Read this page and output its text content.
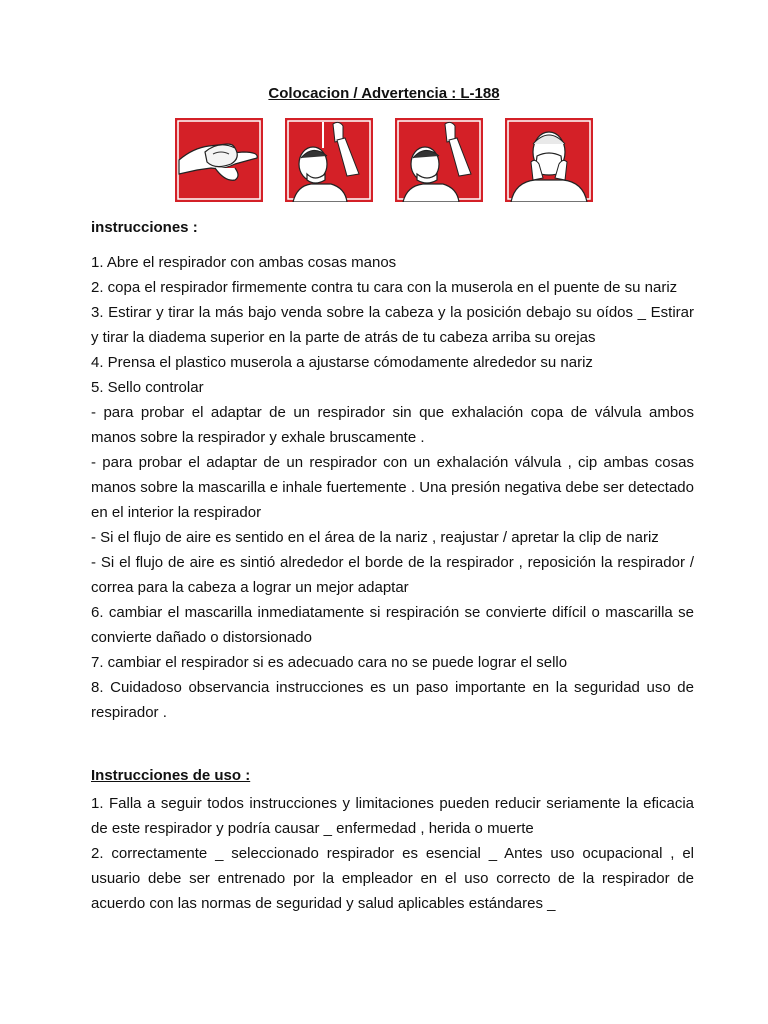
Colocacion / Advertencia : L-188
instrucciones :

1. Abre el respirador con ambas cosas manos

2. copa el respirador firmemente contra tu cara con la muserola en el puente de su nariz

3. Estirar y tirar la más bajo venda sobre la cabeza y la posición debajo su oídos _ Estirar y tirar la diadema superior en la parte de atrás de tu cabeza arriba su orejas

4. Prensa el plastico muserola a ajustarse cómodamente alrededor su nariz

5. Sello controlar

- para probar el adaptar de un respirador sin que exhalación copa de válvula ambos manos sobre la respirador y exhale bruscamente .

- para probar el adaptar de un respirador con un exhalación válvula , cip ambas cosas manos sobre la mascarilla e inhale fuertemente . Una presión negativa debe ser detectado en el interior la respirador

- Si el flujo de aire es sentido en el área de la nariz , reajustar / apretar la clip de nariz

- Si el flujo de aire es sintió alrededor el borde de la respirador , reposición la respirador / correa para la cabeza a lograr un mejor adaptar

6. cambiar el mascarilla inmediatamente si respiración se convierte difícil o mascarilla se convierte dañado o distorsionado

7. cambiar el respirador si es adecuado cara no se puede lograr el sello

8. Cuidadoso observancia instrucciones es un paso importante en la seguridad uso de respirador .

Instrucciones de uso :

1. Falla a seguir todos instrucciones y limitaciones pueden reducir seriamente la eficacia de este respirador y podría causar _ enfermedad , herida o muerte

2. correctamente _ seleccionado respirador es esencial _ Antes uso ocupacional , el usuario debe ser entrenado por la empleador en el uso correcto de la respirador de acuerdo con las normas de seguridad y salud aplicables estándares _
